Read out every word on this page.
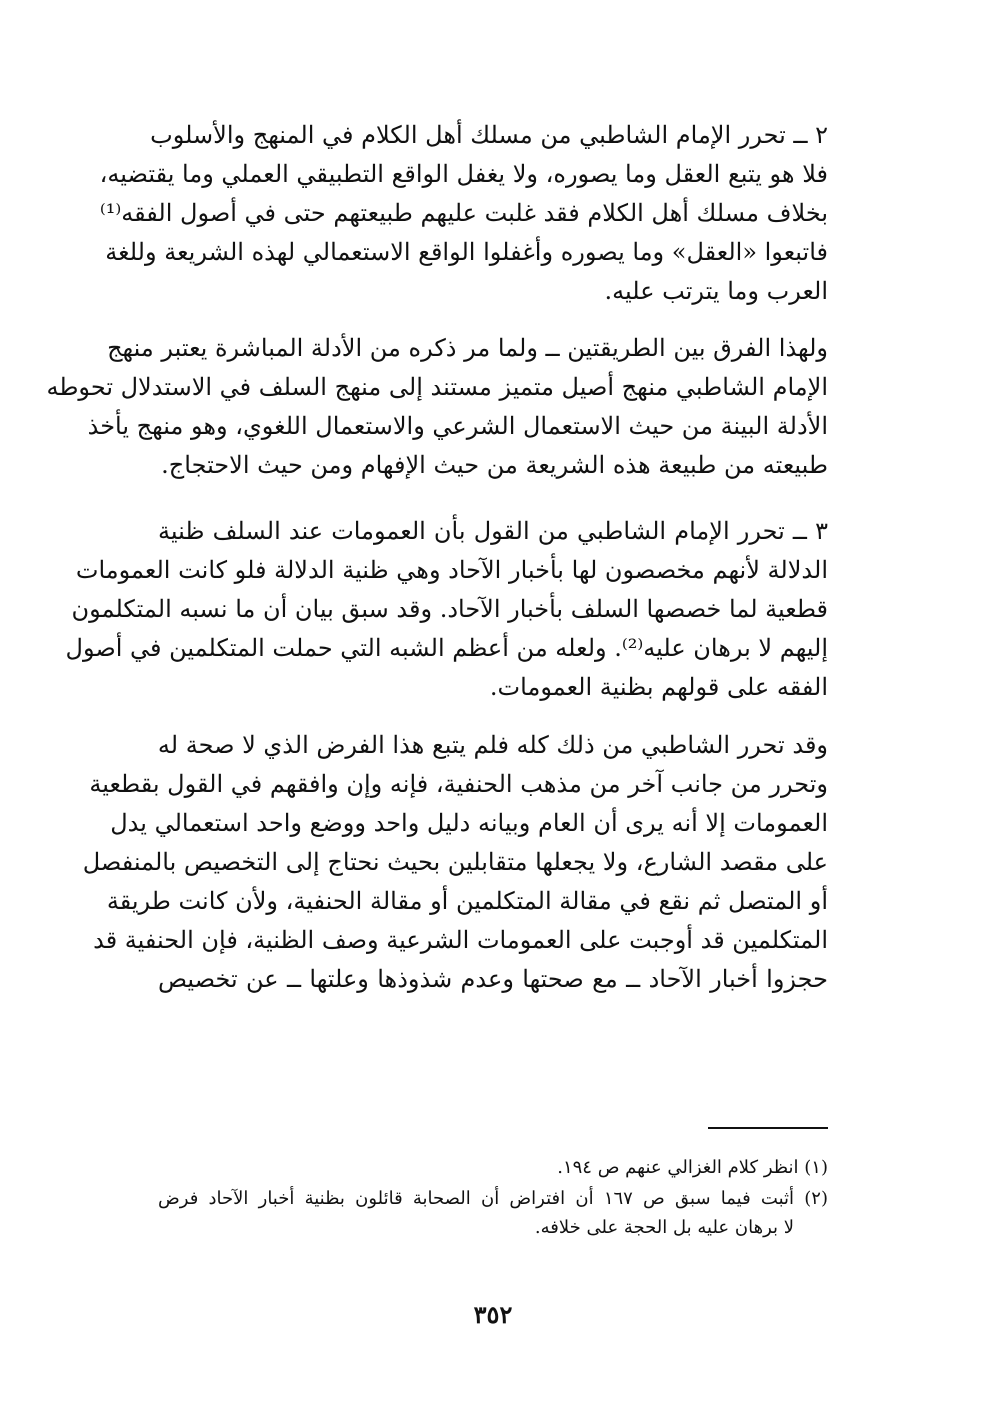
٢ ــ تحرر الإمام الشاطبي من مسلك أهل الكلام في المنهج والأسلوب
فلا هو يتبع العقل وما يصوره، ولا يغفل الواقع التطبيقي العملي وما يقتضيه،
بخلاف مسلك أهل الكلام فقد غلبت عليهم طبيعتهم حتى في أصول الفقه⁽¹⁾
فاتبعوا «العقل» وما يصوره وأغفلوا الواقع الاستعمالي لهذه الشريعة وللغة
العرب وما يترتب عليه.

ولهذا الفرق بين الطريقتين ــ ولما مر ذكره من الأدلة المباشرة يعتبر منهج
الإمام الشاطبي منهج أصيل متميز مستند إلى منهج السلف في الاستدلال تحوطه
الأدلة البينة من حيث الاستعمال الشرعي والاستعمال اللغوي، وهو منهج يأخذ
طبيعته من طبيعة هذه الشريعة من حيث الإفهام ومن حيث الاحتجاج.

٣ ــ تحرر الإمام الشاطبي من القول بأن العمومات عند السلف ظنية
الدلالة لأنهم مخصصون لها بأخبار الآحاد وهي ظنية الدلالة فلو كانت العمومات
قطعية لما خصصها السلف بأخبار الآحاد. وقد سبق بيان أن ما نسبه المتكلمون
إليهم لا برهان عليه⁽²⁾. ولعله من أعظم الشبه التي حملت المتكلمين في أصول
الفقه على قولهم بظنية العمومات.

وقد تحرر الشاطبي من ذلك كله فلم يتبع هذا الفرض الذي لا صحة له
وتحرر من جانب آخر من مذهب الحنفية، فإنه وإن وافقهم في القول بقطعية
العمومات إلا أنه يرى أن العام وبيانه دليل واحد ووضع واحد استعمالي يدل
على مقصد الشارع، ولا يجعلها متقابلين بحيث نحتاج إلى التخصيص بالمنفصل
أو المتصل ثم نقع في مقالة المتكلمين أو مقالة الحنفية، ولأن كانت طريقة
المتكلمين قد أوجبت على العمومات الشرعية وصف الظنية، فإن الحنفية قد
حجزوا أخبار الآحاد ــ مع صحتها وعدم شذوذها وعلتها ــ عن تخصيص

(١) انظر كلام الغزالي عنهم ص ١٩٤.

(٢) أثبت فيما سبق ص ١٦٧ أن افتراض أن الصحابة قائلون بظنية أخبار الآحاد فرض
لا برهان عليه بل الحجة على خلافه.

٣٥٢
